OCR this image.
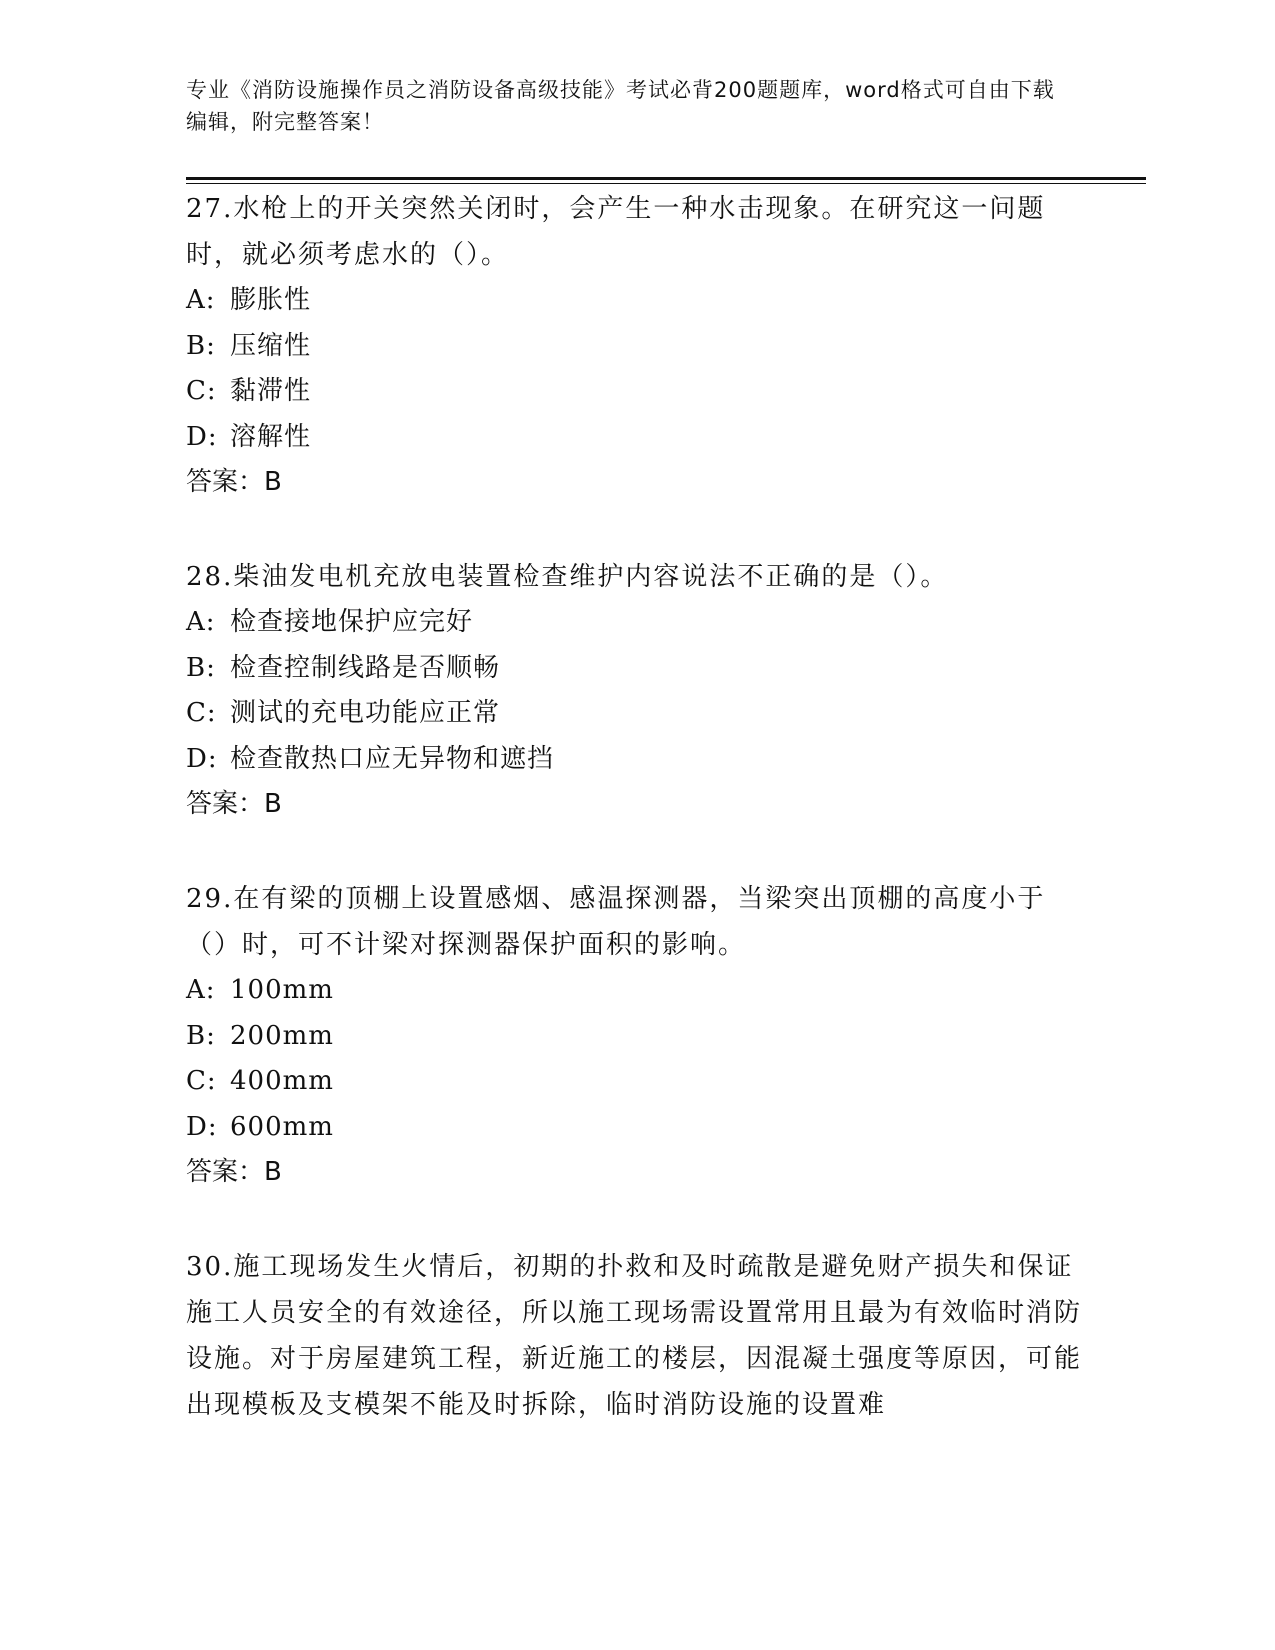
专业《消防设施操作员之消防设备高级技能》考试必背200题题库，word格式可自由下载编辑，附完整答案！

27.水枪上的开关突然关闭时，会产生一种水击现象。在研究这一问题时，就必须考虑水的（）。

A: 膨胀性

B: 压缩性

C: 黏滞性

D: 溶解性

答案：B

28.柴油发电机充放电装置检查维护内容说法不正确的是（）。

A: 检查接地保护应完好

B: 检查控制线路是否顺畅

C: 测试的充电功能应正常

D: 检查散热口应无异物和遮挡

答案：B

29.在有梁的顶棚上设置感烟、感温探测器，当梁突出顶棚的高度小于（）时，可不计梁对探测器保护面积的影响。

A: 100mm

B: 200mm

C: 400mm

D: 600mm

答案：B

30.施工现场发生火情后，初期的扑救和及时疏散是避免财产损失和保证施工人员安全的有效途径，所以施工现场需设置常用且最为有效临时消防设施。对于房屋建筑工程，新近施工的楼层，因混凝土强度等原因，可能出现模板及支模架不能及时拆除，临时消防设施的设置难
